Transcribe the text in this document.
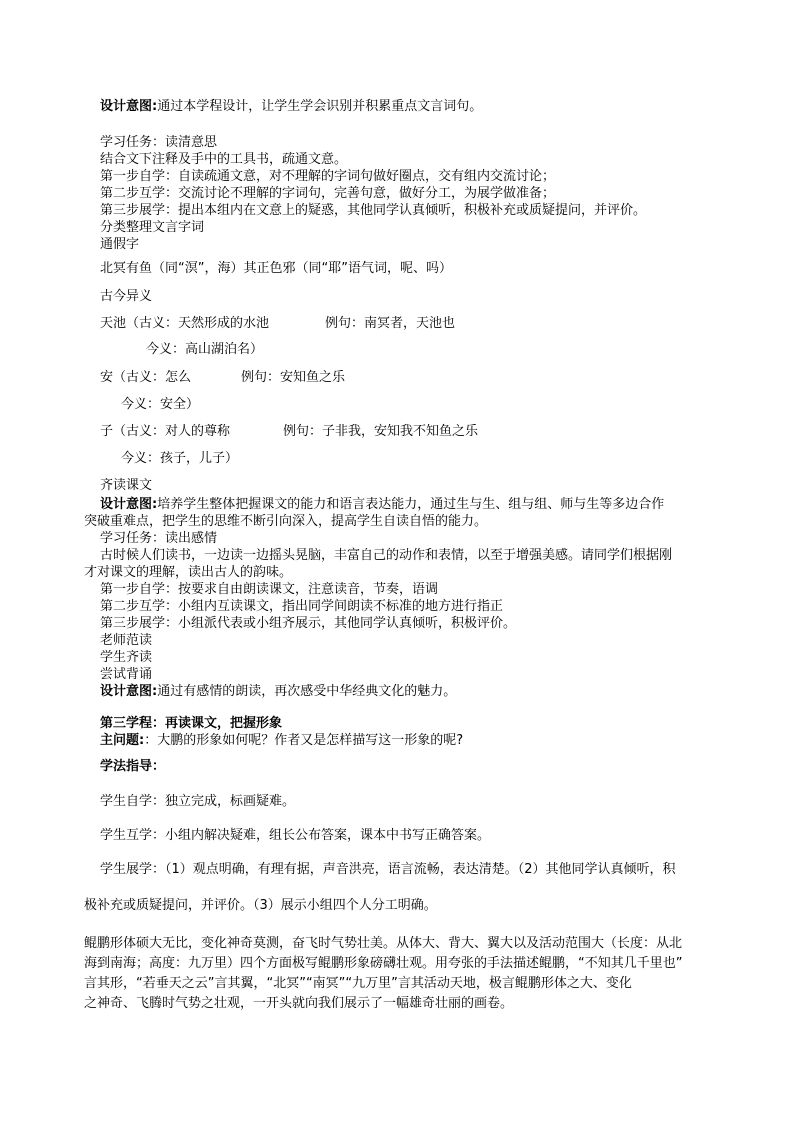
设计意图:通过本学程设计，让学生学会识别并积累重点文言词句。
学习任务：读清意思
结合文下注释及手中的工具书，疏通文意。
第一步自学：自读疏通文意，对不理解的字词句做好圈点，交有组内交流讨论；
第二步互学：交流讨论不理解的字词句，完善句意，做好分工，为展学做准备；
第三步展学：提出本组内在文意上的疑惑，其他同学认真倾听，积极补充或质疑提问，并评价。
分类整理文言字词
通假字
北冥有鱼（同“溟”，海）其正色邪（同“耶”语气词，呢、吗）
古今异义
天池（古义：天然形成的水池	例句：南冥者，天池也
今义：高山湖泊名）
安（古义：怎么	例句：安知鱼之乐
今义：安全）
子（古义：对人的尊称	例句：子非我，安知我不知鱼之乐
今义：孩子，儿子）
齐读课文
设计意图:培养学生整体把握课文的能力和语言表达能力，通过生与生、组与组、师与生等多边合作
突破重难点，把学生的思维不断引向深入，提高学生自读自悟的能力。
学习任务：读出感情
古时候人们读书，一边读一边摇头晃脑，丰富自己的动作和表情，以至于增强美感。请同学们根据刚
才对课文的理解，读出古人的韵味。
第一步自学：按要求自由朗读课文，注意读音，节奏，语调
第二步互学：小组内互读课文，指出同学间朗读不标准的地方进行指正
第三步展学：小组派代表或小组齐展示，其他同学认真倾听，积极评价。
老师范读
学生齐读
尝试背诵
设计意图:通过有感情的朗读，再次感受中华经典文化的魅力。
第三学程：再读课文，把握形象
主问题:：大鹏的形象如何呢？作者又是怎样描写这一形象的呢?
学法指导：
学生自学：独立完成，标画疑难。
学生互学：小组内解决疑难，组长公布答案，课本中书写正确答案。
学生展学：（1）观点明确，有理有据，声音洪亮，语言流畅，表达清楚。（2）其他同学认真倾听，积
极补充或质疑提问，并评价。（3）展示小组四个人分工明确。
鲲鹏形体硕大无比，变化神奇莫测，奋飞时气势壮美。从体大、背大、翼大以及活动范围大（长度：从北
海到南海；高度：九万里）四个方面极写鲲鹏形象磅礴壮观。用夸张的手法描述鲲鹏，“不知其几千里也”
言其形，“若垂天之云”言其翼，“北冥”“南冥”“九万里”言其活动天地，极言鲲鹏形体之大、变化
之神奇、飞腾时气势之壮观，一开头就向我们展示了一幅雄奇壮丽的画卷。
